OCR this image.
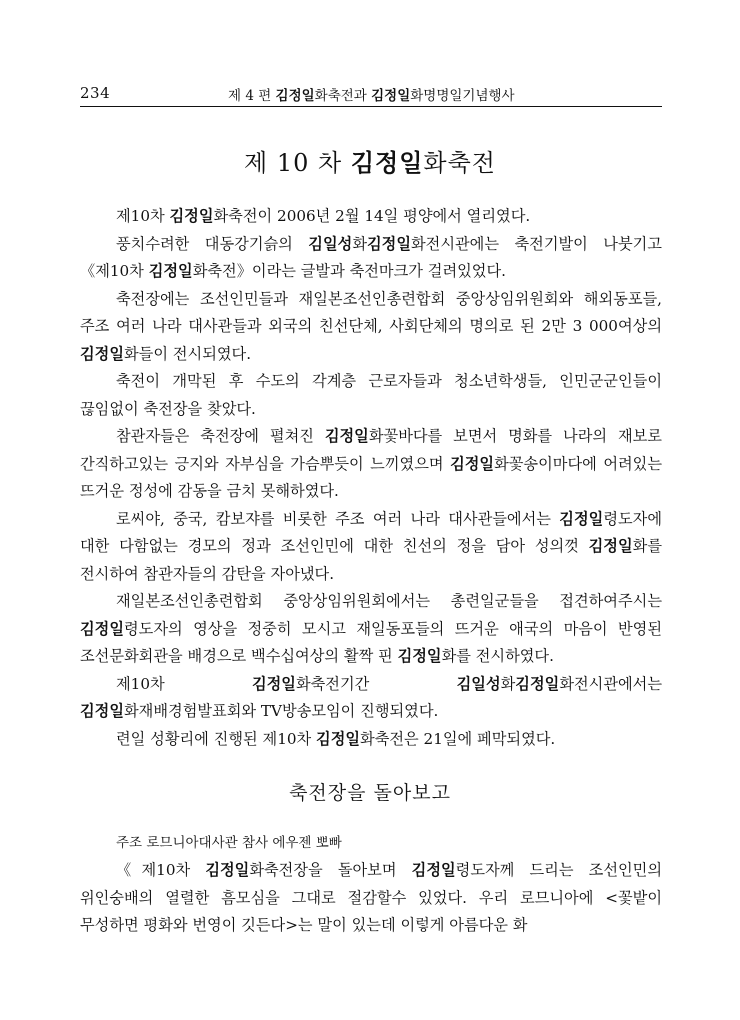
234	제 4 편 김정일화축전과 김정일화명명일기념행사
제 10 차 김정일화축전

제10차 김정일화축전이 2006년 2월 14일 평양에서 열리였다.

풍치수려한 대동강기슭의 김일성화김정일화전시관에는 축전기발이 나붓기고 《제10차 김정일화축전》이라는 글발과 축전마크가 걸려있었다.

축전장에는 조선인민들과 재일본조선인총련합회 중앙상임위원회와 해외동포들, 주조 여러 나라 대사관들과 외국의 친선단체, 사회단체의 명의로 된 2만 3 000여상의 김정일화들이 전시되였다.

축전이 개막된 후 수도의 각계층 근로자들과 청소년학생들, 인민군군인들이 끊임없이 축전장을 찾았다.

참관자들은 축전장에 펼쳐진 김정일화꽃바다를 보면서 명화를 나라의 재보로 간직하고있는 긍지와 자부심을 가슴뿌듯이 느끼였으며 김정일화꽃송이마다에 어려있는 뜨거운 정성에 감동을 금치 못해하였다.

로씨야, 중국, 캄보쟈를 비롯한 주조 여러 나라 대사관들에서는 김정일령도자에 대한 다함없는 경모의 정과 조선인민에 대한 친선의 정을 담아 성의껏 김정일화를 전시하여 참관자들의 감탄을 자아냈다.

재일본조선인총련합회 중앙상임위원회에서는 총련일군들을 접견하여주시는 김정일령도자의 영상을 정중히 모시고 재일동포들의 뜨거운 애국의 마음이 반영된 조선문화회관을 배경으로 백수십여상의 활짝 핀 김정일화를 전시하였다.

제10차 김정일화축전기간 김일성화김정일화전시관에서는 김정일화재배경험발표회와 TV방송모임이 진행되였다.

련일 성황리에 진행된 제10차 김정일화축전은 21일에 페막되였다.

축전장을 돌아보고
주조 로므니아대사관 참사 에우젠 뽀빠

《제10차 김정일화축전장을 돌아보며 김정일령도자께 드리는 조선인민의 위인숭배의 열렬한 흠모심을 그대로 절감할수 있었다. 우리 로므니아에 <꽃밭이 무성하면 평화와 번영이 깃든다>는 말이 있는데 이렇게 아름다운 화
